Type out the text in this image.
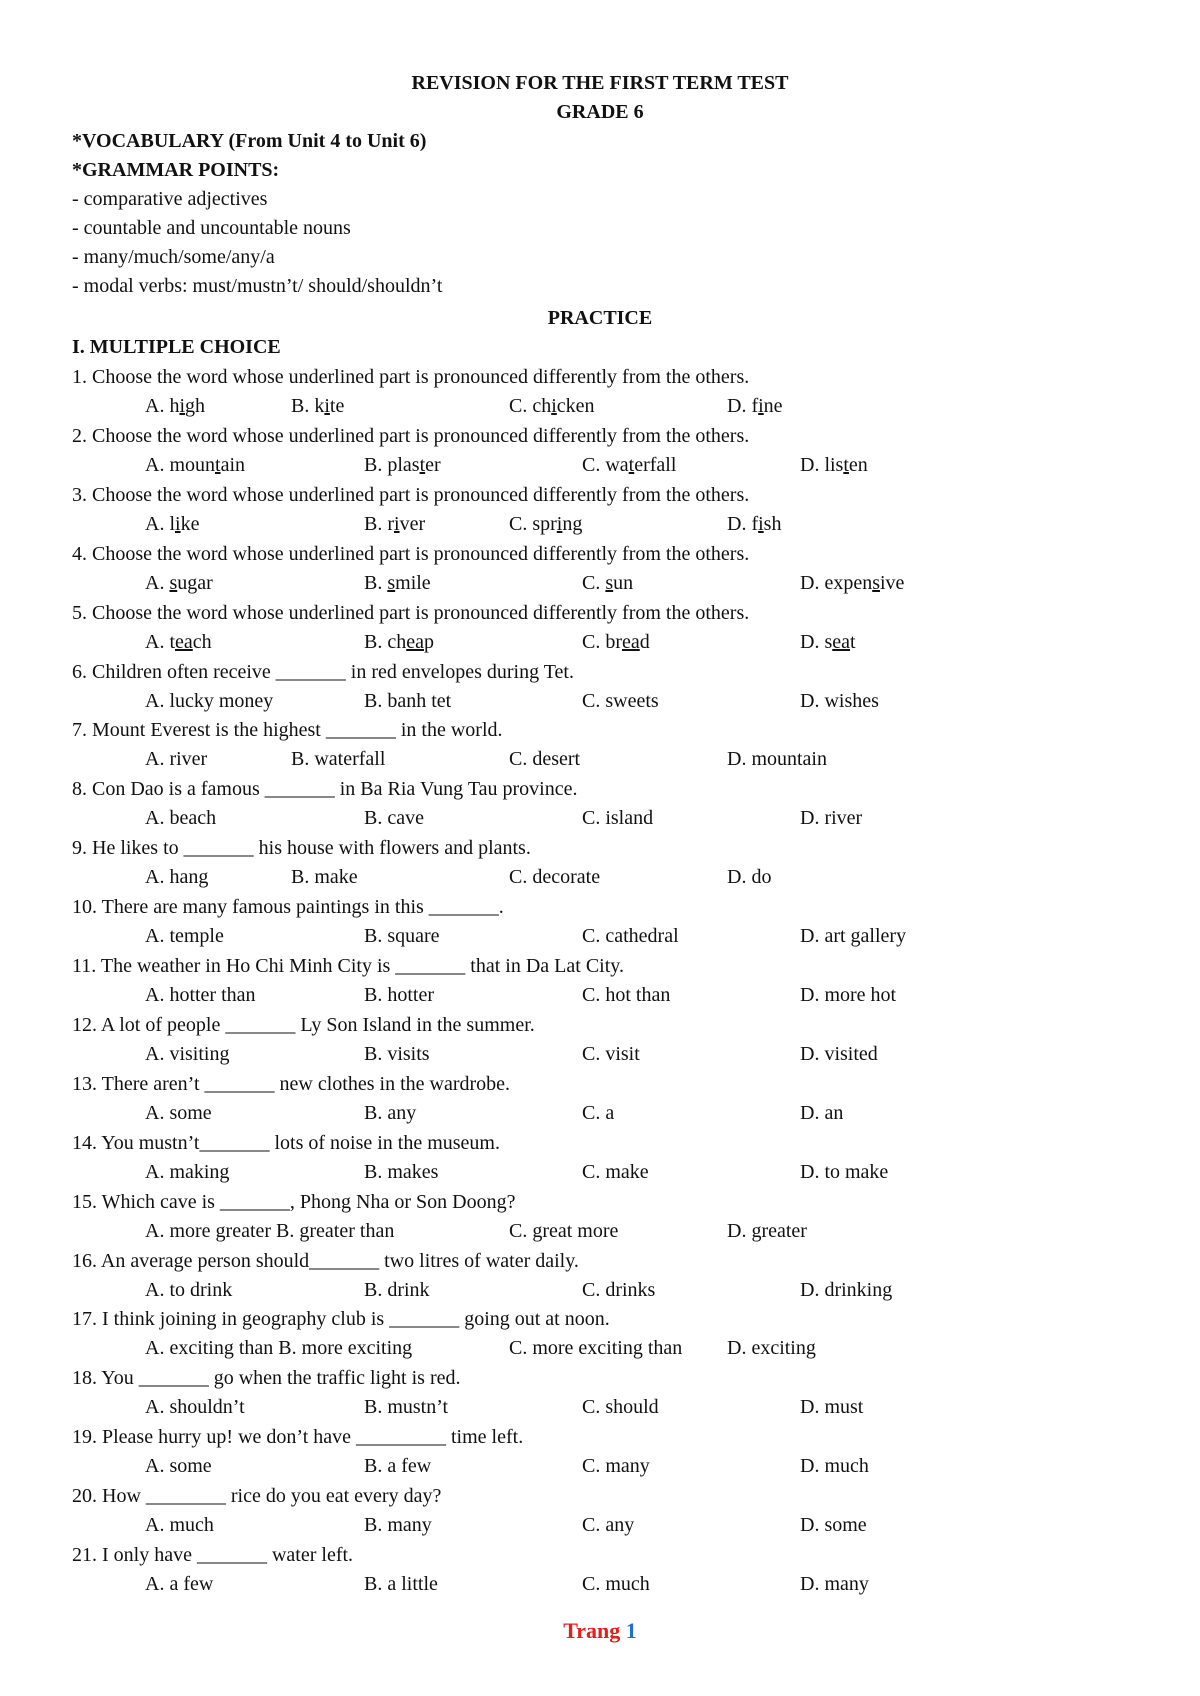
REVISION FOR THE FIRST TERM TEST
GRADE 6
*VOCABULARY (From Unit 4 to Unit 6)
*GRAMMAR POINTS:
- comparative adjectives
- countable and uncountable nouns
- many/much/some/any/a
- modal verbs: must/mustn’t/ should/shouldn’t
PRACTICE
I. MULTIPLE CHOICE
1. Choose the word whose underlined part is pronounced differently from the others.
A. high	B. kite	C. chicken	D. fine
2. Choose the word whose underlined part is pronounced differently from the others.
A. mountain	B. plaster	C. waterfall	D. listen
3. Choose the word whose underlined part is pronounced differently from the others.
A. like	B. river	C. spring	D. fish
4. Choose the word whose underlined part is pronounced differently from the others.
A. sugar	B. smile	C. sun	D. expensive
5. Choose the word whose underlined part is pronounced differently from the others.
A. teach	B. cheap	C. bread	D. seat
6. Children often receive _______ in red envelopes during Tet.
A. lucky money	B. banh tet	C. sweets	D. wishes
7. Mount Everest is the highest _______ in the world.
A. river	B. waterfall	C. desert	D. mountain
8. Con Dao is a famous _______ in Ba Ria Vung Tau province.
A. beach	B. cave	C. island	D. river
9. He likes to _______ his house with flowers and plants.
A. hang	B. make	C. decorate	D. do
10. There are many famous paintings in this _______.
A. temple	B. square	C. cathedral	D. art gallery
11. The weather in Ho Chi Minh City is _______ that in Da Lat City.
A. hotter than	B. hotter	C. hot than	D. more hot
12. A lot of people _______ Ly Son Island in the summer.
A. visiting	B. visits	C. visit	D. visited
13. There aren’t _______ new clothes in the wardrobe.
A. some	B. any	C. a	D. an
14. You mustn’t_______ lots of noise in the museum.
A. making	B. makes	C. make	D. to make
15. Which cave is _______, Phong Nha or Son Doong?
A. more greater B. greater than	C. great more	D. greater
16. An average person should_______ two litres of water daily.
A. to drink	B. drink	C. drinks	D. drinking
17. I think joining in geography club is _______ going out at noon.
A. exciting than B. more exciting	C. more exciting than D. exciting
18. You _______ go when the traffic light is red.
A. shouldn’t	B. mustn’t	C. should	D. must
19. Please hurry up! we don’t have _________ time left.
A. some	B. a few	C. many	D. much
20. How ________ rice do you eat every day?
A. much	B. many	C. any	D. some
21. I only have _______ water left.
A. a few	B. a little	C. much	D. many
Trang 1
